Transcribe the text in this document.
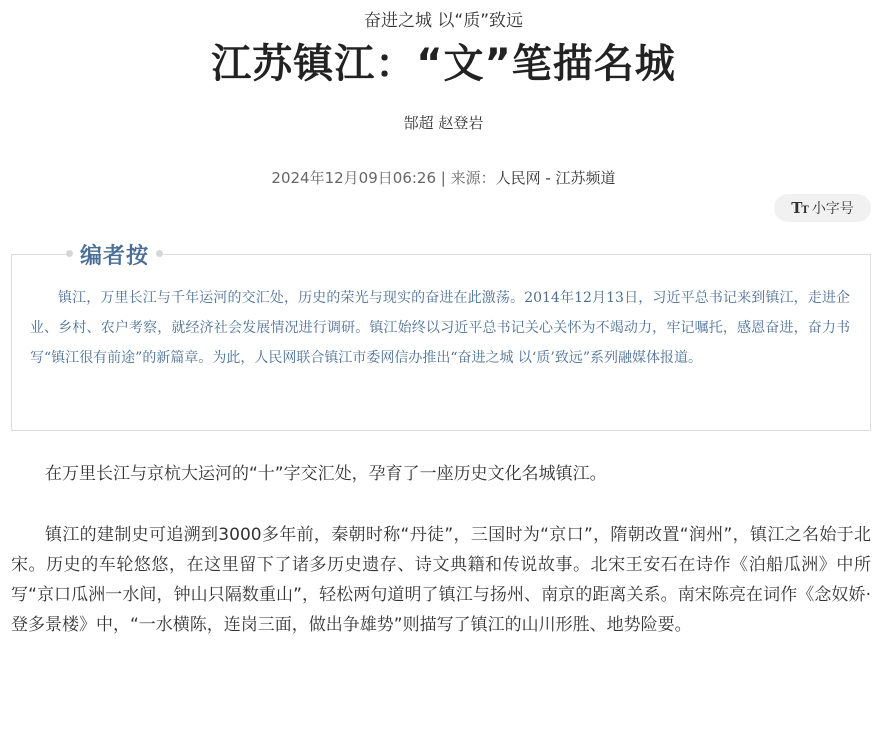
奋进之城 以“质”致远
江苏镇江：“文”笔描名城
郜超 赵登岩
2024年12月09日06:26 | 来源：人民网 - 江苏频道
TT 小字号
编者按

镇江，万里长江与千年运河的交汇处，历史的荣光与现实的奋进在此激荡。2014年12月13日，习近平总书记来到镇江，走进企业、乡村、农户考察，就经济社会发展情况进行调研。镇江始终以习近平总书记关心关怀为不竭动力，牢记嘱托，感恩奋进，奋力书写“镇江很有前途”的新篇章。为此，人民网联合镇江市委网信办推出“奋进之城 以‘质’致远”系列融媒体报道。

在万里长江与京杭大运河的“十”字交汇处，孕育了一座历史文化名城镇江。

镇江的建制史可追溯到3000多年前，秦朝时称“丹徒”，三国时为“京口”，隋朝改置“润州”，镇江之名始于北宋。历史的车轮悠悠，在这里留下了诸多历史遗存、诗文典籍和传说故事。北宋王安石在诗作《泊船瓜洲》中所写“京口瓜洲一水间，钟山只隔数重山”，轻松两句道明了镇江与扬州、南京的距离关系。南宋陈亮在词作《念奴娇·登多景楼》中，“一水横陈，连岗三面，做出争雄势”则描写了镇江的山川形胜、地势险要。
